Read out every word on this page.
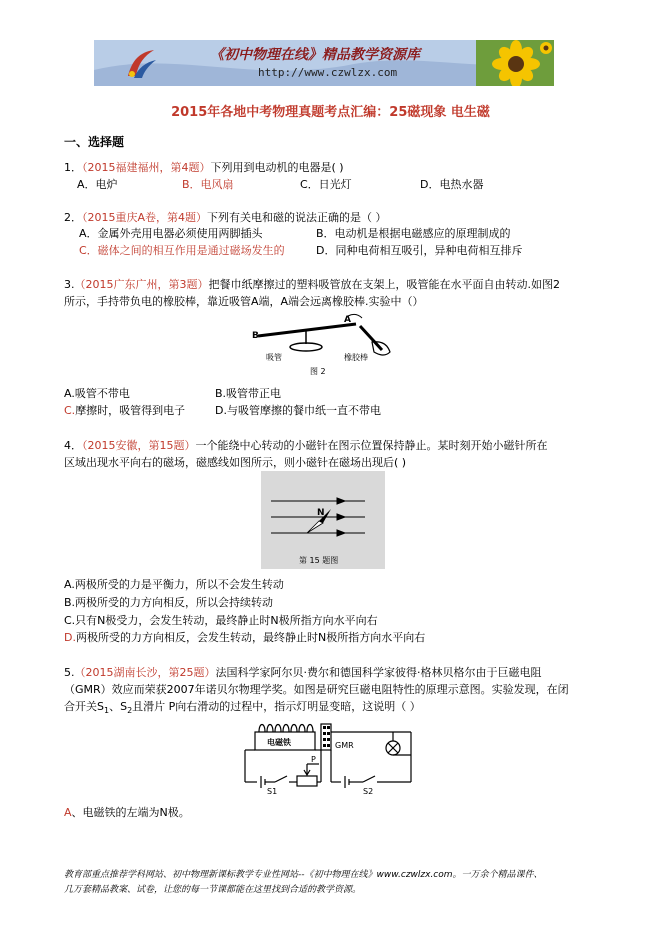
《初中物理在线》精品教学资源库
http://www.czwlzx.com
2015年各地中考物理真题考点汇编：25磁现象 电生磁
一、选择题
1．（2015福建福州，第4题）下列用到电动机的电器是( )
A．电炉	B．电风扇	C．日光灯	D．电热水器
2．（2015重庆A卷，第4题）下列有关电和磁的说法正确的是（ ）
A．金属外壳用电器必须使用两脚插头	B．电动机是根据电磁感应的原理制成的
C．磁体之间的相互作用是通过磁场发生的	D．同种电荷相互吸引，异种电荷相互排斥
3.（2015广东广州，第3题）把餐巾纸摩擦过的塑料吸管放在支架上，吸管能在水平面自由转动.如图2
所示，手持带负电的橡胶棒，靠近吸管A端，A端会远离橡胶棒.实验中（）
B
A
吸管	橡胶棒
图 2
A.吸管不带电	B.吸管带正电
C.摩擦时，吸管得到电子	D.与吸管摩擦的餐巾纸一直不带电
4．（2015安徽，第15题）一个能绕中心转动的小磁针在图示位置保持静止。某时刻开始小磁针所在
区域出现水平向右的磁场，磁感线如图所示，则小磁针在磁场出现后( )
N
第 15 题图
A.两极所受的力是平衡力，所以不会发生转动
B.两极所受的力方向相反，所以会持续转动
C.只有N极受力，会发生转动，最终静止时N极所指方向水平向右
D.两极所受的力方向相反，会发生转动，最终静止时N极所指方向水平向右
5.（2015湖南长沙，第25题）法国科学家阿尔贝·费尔和德国科学家彼得·格林贝格尔由于巨磁电阻
（GMR）效应而荣获2007年诺贝尔物理学奖。如图是研究巨磁电阻特性的原理示意图。实验发现，在闭
合开关$S_1$、$S_2$且滑片 P向右滑动的过程中，指示灯明显变暗，这说明（ ）
电磁铁	GMR
P
S1	S2
A、电磁铁的左端为N极。
教育部重点推荐学科网站、初中物理新课标教学专业性网站--《初中物理在线》www.czwlzx.com。一万余个精品课件、
几万套精品教案、试卷，让您的每一节课都能在这里找到合适的教学资源。
